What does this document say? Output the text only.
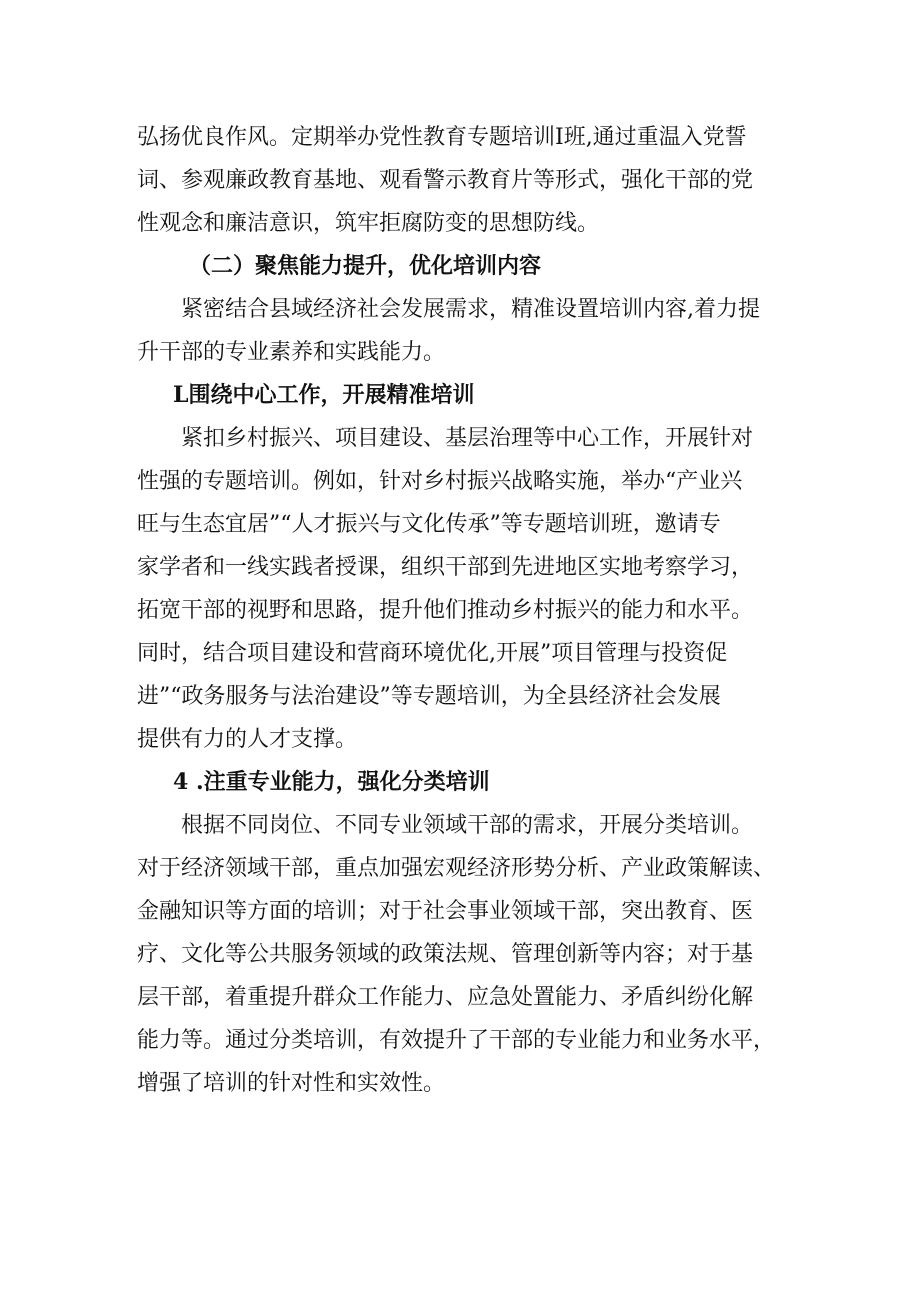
弘扬优良作风。定期举办党性教育专题培训I班,通过重温入党誓
词、参观廉政教育基地、观看警示教育片等形式，强化干部的党
性观念和廉洁意识，筑牢拒腐防变的思想防线。
（二）聚焦能力提升，优化培训内容
紧密结合县域经济社会发展需求，精准设置培训内容,着力提
升干部的专业素养和实践能力。
L围绕中心工作，开展精准培训
紧扣乡村振兴、项目建设、基层治理等中心工作，开展针对
性强的专题培训。例如，针对乡村振兴战略实施，举办“产业兴
旺与生态宜居”“人才振兴与文化传承”等专题培训班，邀请专
家学者和一线实践者授课，组织干部到先进地区实地考察学习，
拓宽干部的视野和思路，提升他们推动乡村振兴的能力和水平。
同时，结合项目建设和营商环境优化,开展”项目管理与投资促
进”“政务服务与法治建设”等专题培训，为全县经济社会发展
提供有力的人才支撑。
4 .注重专业能力，强化分类培训
根据不同岗位、不同专业领域干部的需求，开展分类培训。
对于经济领域干部，重点加强宏观经济形势分析、产业政策解读、
金融知识等方面的培训；对于社会事业领域干部，突出教育、医
疗、文化等公共服务领域的政策法规、管理创新等内容；对于基
层干部，着重提升群众工作能力、应急处置能力、矛盾纠纷化解
能力等。通过分类培训，有效提升了干部的专业能力和业务水平，
增强了培训的针对性和实效性。
